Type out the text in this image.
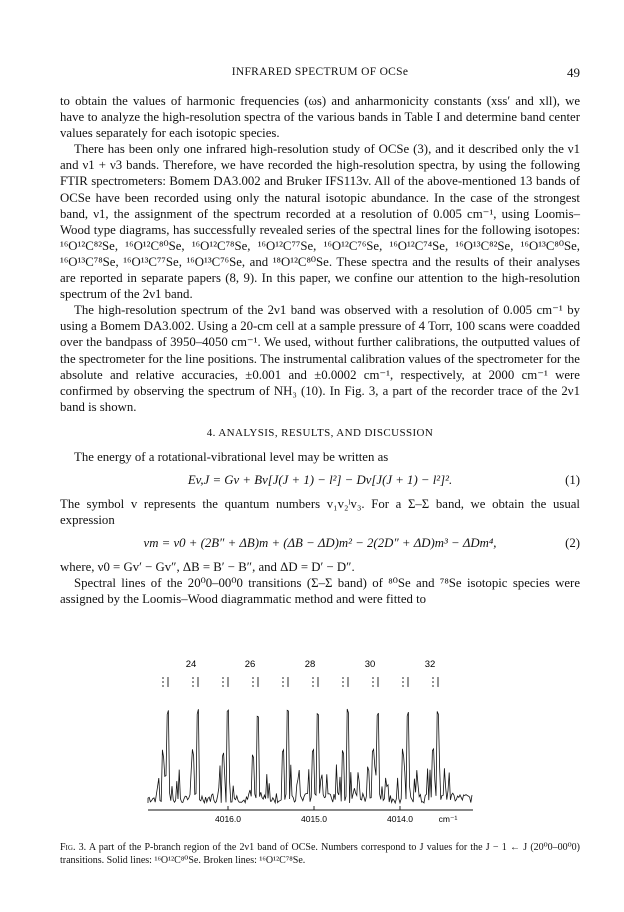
INFRARED SPECTRUM OF OCSe	49

to obtain the values of harmonic frequencies (ωs) and anharmonicity constants (xss′ and xll), we have to analyze the high-resolution spectra of the various bands in Table I and determine band center values separately for each isotopic species.

There has been only one infrared high-resolution study of OCSe (3), and it described only the ν1 and ν1 + ν3 bands. Therefore, we have recorded the high-resolution spectra, by using the following FTIR spectrometers: Bomem DA3.002 and Bruker IFS113v. All of the above-mentioned 13 bands of OCSe have been recorded using only the natural isotopic abundance. In the case of the strongest band, ν1, the assignment of the spectrum recorded at a resolution of 0.005 cm⁻¹, using Loomis–Wood type diagrams, has successfully revealed series of the spectral lines for the following isotopes: ¹⁶O¹²C⁸²Se, ¹⁶O¹²C⁸⁰Se, ¹⁶O¹²C⁷⁸Se, ¹⁶O¹²C⁷⁷Se, ¹⁶O¹²C⁷⁶Se, ¹⁶O¹²C⁷⁴Se, ¹⁶O¹³C⁸²Se, ¹⁶O¹³C⁸⁰Se, ¹⁶O¹³C⁷⁸Se, ¹⁶O¹³C⁷⁷Se, ¹⁶O¹³C⁷⁶Se, and ¹⁸O¹²C⁸⁰Se. These spectra and the results of their analyses are reported in separate papers (8, 9). In this paper, we confine our attention to the high-resolution spectrum of the 2ν1 band.

The high-resolution spectrum of the 2ν1 band was observed with a resolution of 0.005 cm⁻¹ by using a Bomem DA3.002. Using a 20-cm cell at a sample pressure of 4 Torr, 100 scans were coadded over the bandpass of 3950–4050 cm⁻¹. We used, without further calibrations, the outputted values of the spectrometer for the line positions. The instrumental calibration values of the spectrometer for the absolute and relative accuracies, ±0.001 and ±0.0002 cm⁻¹, respectively, at 2000 cm⁻¹ were confirmed by observing the spectrum of NH₃ (10). In Fig. 3, a part of the recorder trace of the 2ν1 band is shown.

4. ANALYSIS, RESULTS, AND DISCUSSION

The energy of a rotational-vibrational level may be written as

Ev,J = Gv + Bv[J(J + 1) − l²] − Dv[J(J + 1) − l²]².	(1)

The symbol v represents the quantum numbers v₁v₂ˡv₃. For a Σ–Σ band, we obtain the usual expression

νm = ν0 + (2B″ + ΔB)m + (ΔB − ΔD)m² − 2(2D″ + ΔD)m³ − ΔDm⁴,	(2)

where, ν0 = Gv′ − Gv″, ΔB = B′ − B″, and ΔD = D′ − D″.

Spectral lines of the 20⁰0–00⁰0 transitions (Σ–Σ band) of ⁸⁰Se and ⁷⁸Se isotopic species were assigned by the Loomis–Wood diagrammatic method and were fitted to

24	26	28	30	32
4016.0	4015.0	4014.0	cm⁻¹
Fig. 3. A part of the P-branch region of the 2ν1 band of OCSe. Numbers correspond to J values for the J − 1 ← J (20⁰0–00⁰0) transitions. Solid lines: ¹⁶O¹²C⁸⁰Se. Broken lines: ¹⁶O¹²C⁷⁸Se.
